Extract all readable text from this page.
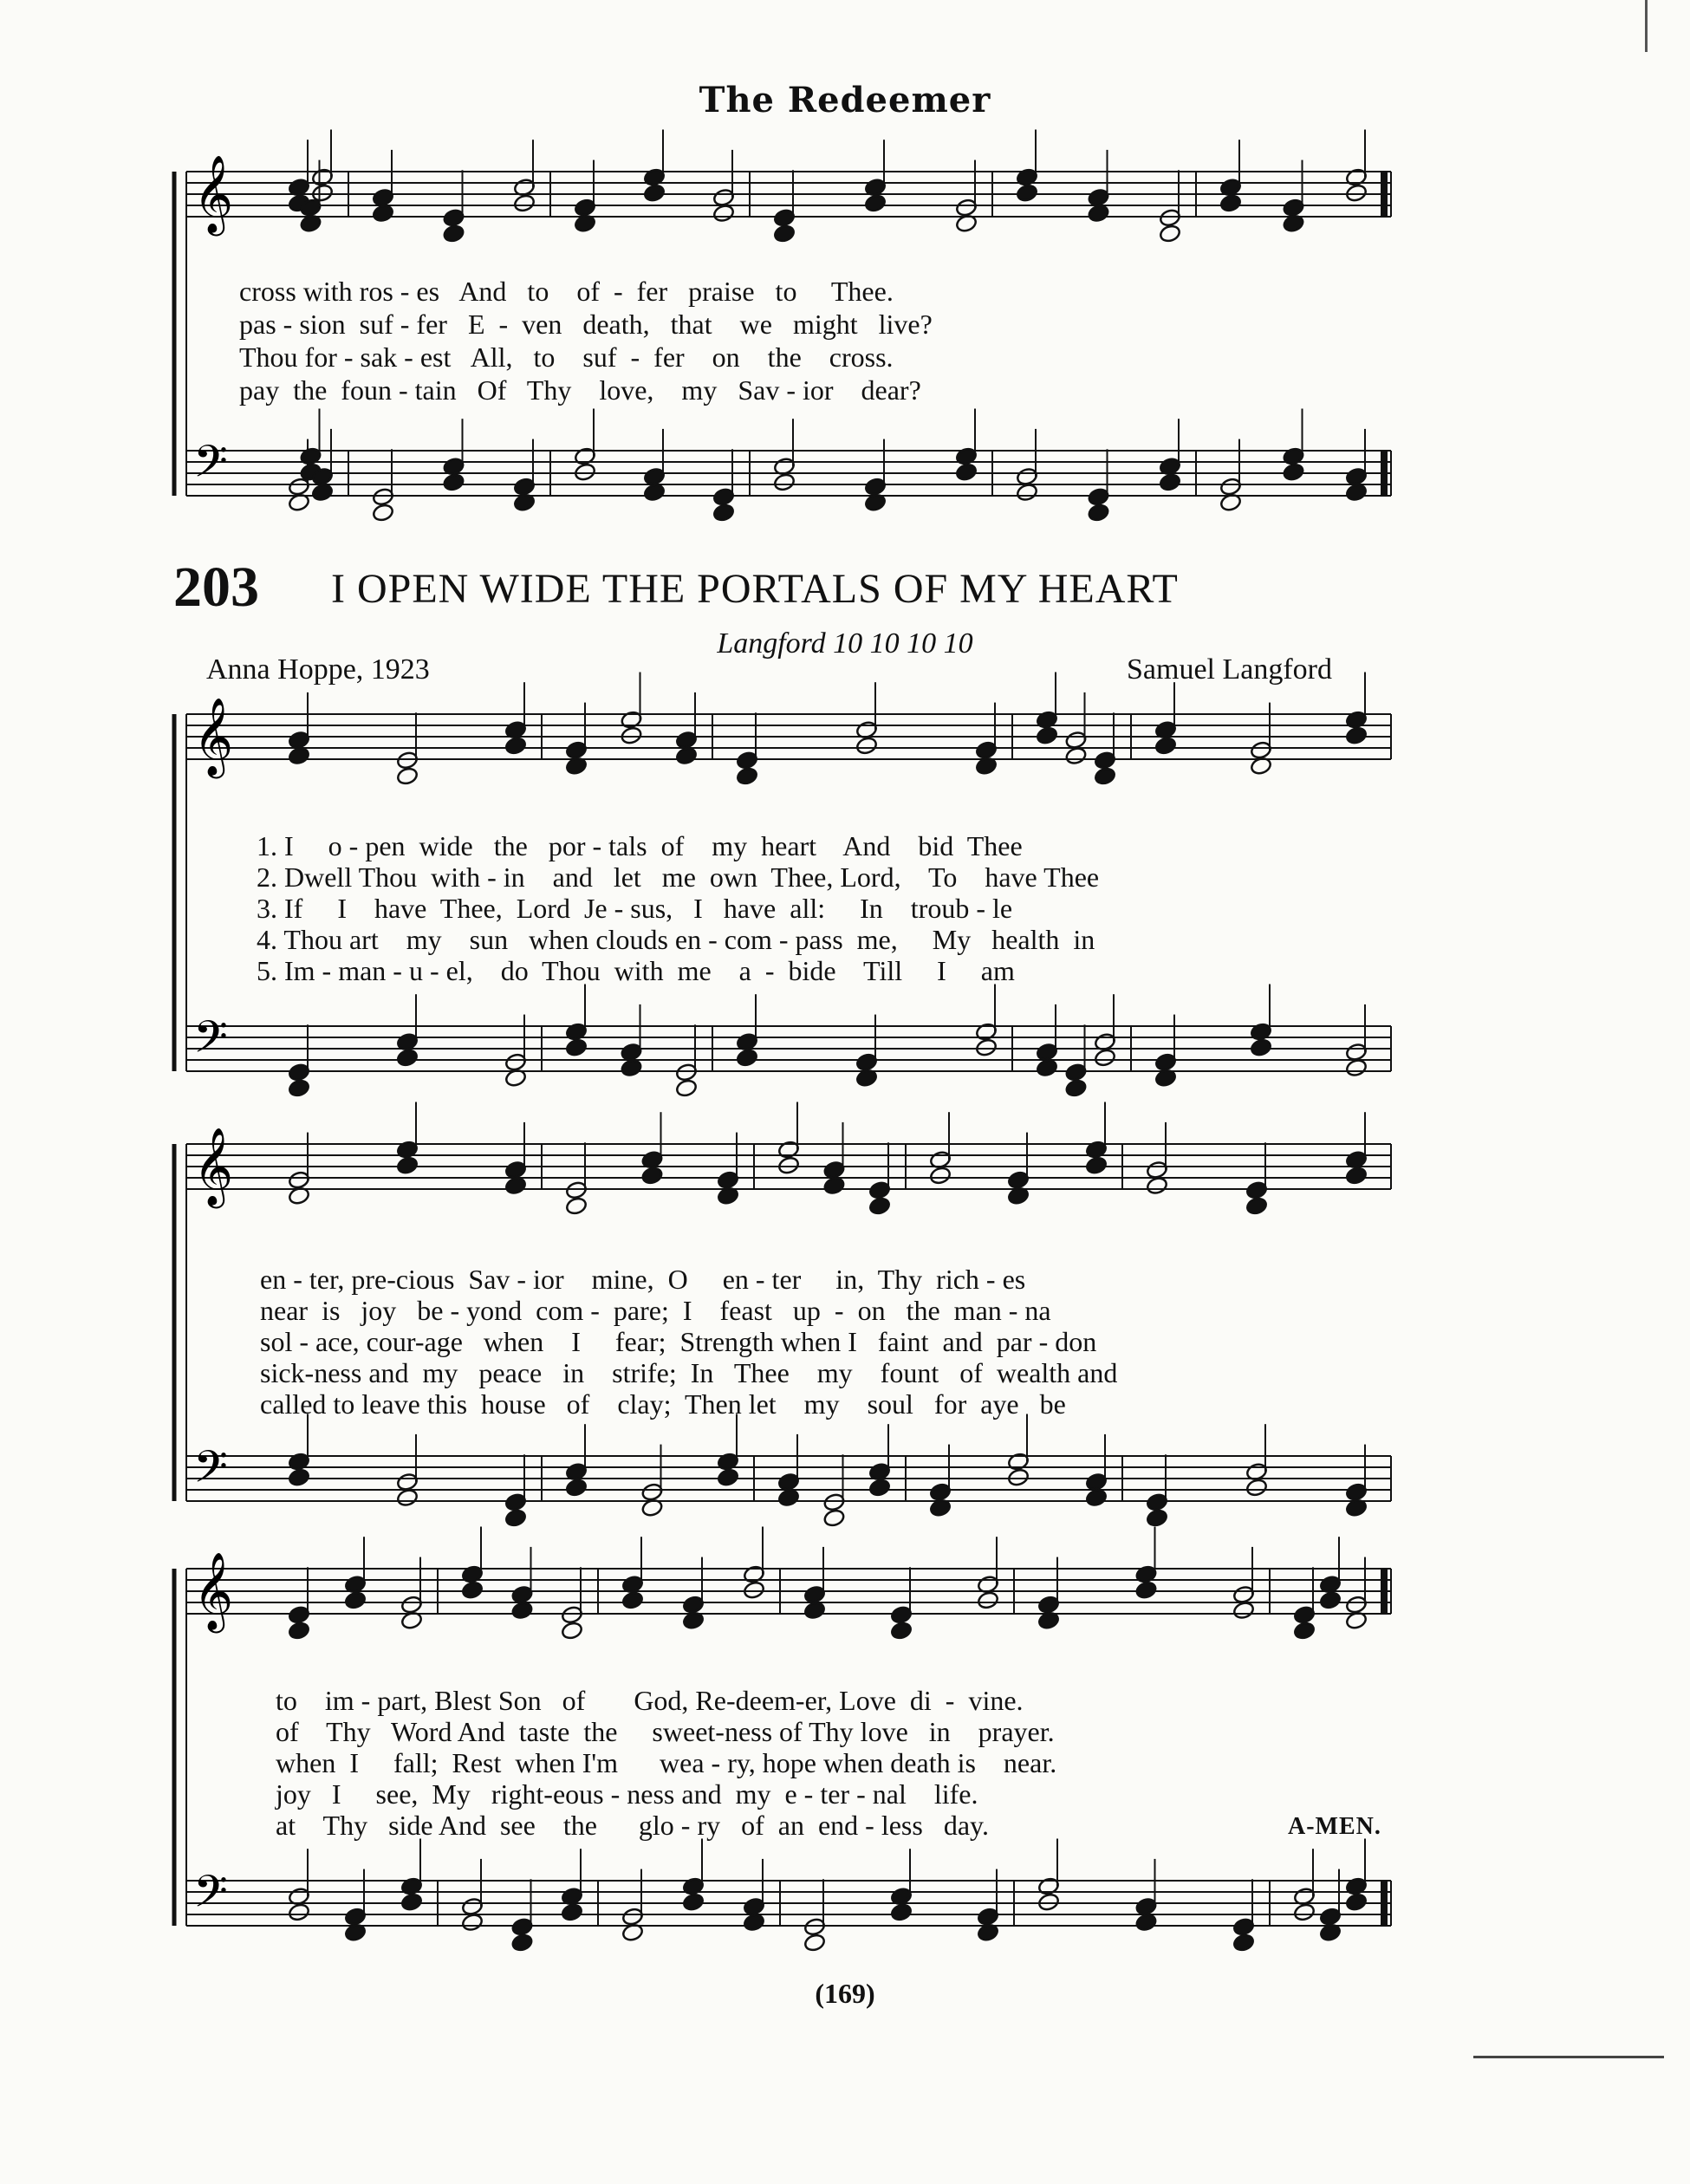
The Redeemer
𝄞
𝄢
𝄞
𝄢
𝄞
𝄢
𝄞
𝄢
cross with ros - es   And   to    of  -  fer   praise   to     Thee.
pas - sion  suf - fer   E  -  ven   death,   that    we   might   live?
Thou for - sak - est   All,   to    suf  -  fer    on    the    cross.
pay  the  foun - tain   Of   Thy    love,    my   Sav - ior    dear?
203 I OPEN WIDE THE PORTALS OF MY HEART
Langford 10 10 10 10
Anna Hoppe, 1923	Samuel Langford
1. I     o - pen  wide   the   por - tals  of    my  heart    And    bid  Thee
2. Dwell Thou  with - in    and   let   me  own  Thee, Lord,    To    have Thee
3. If     I    have  Thee,  Lord  Je - sus,   I   have  all:     In    troub - le
4. Thou art    my    sun   when clouds en - com - pass  me,     My   health  in
5. Im - man - u - el,    do  Thou  with  me    a  -  bide    Till     I     am
en - ter, pre-cious  Sav - ior    mine,  O     en - ter     in,  Thy  rich - es
near  is   joy   be - yond  com -  pare;  I    feast   up  -  on   the  man - na
sol - ace, cour-age   when    I     fear;  Strength when I   faint  and  par - don
sick-ness and  my   peace   in    strife;  In   Thee    my    fount   of  wealth and
called to leave this  house   of    clay;  Then let    my    soul   for  aye   be
to    im - part, Blest Son   of       God, Re-deem-er, Love  di  -  vine.
of    Thy   Word And  taste  the     sweet-ness of Thy love   in    prayer.
when  I     fall;  Rest  when I'm      wea - ry, hope when death is    near.
joy   I     see,  My   right-eous - ness and  my  e - ter - nal    life.
at    Thy   side And  see    the      glo - ry   of  an  end - less   day.	A-MEN.
(169)
